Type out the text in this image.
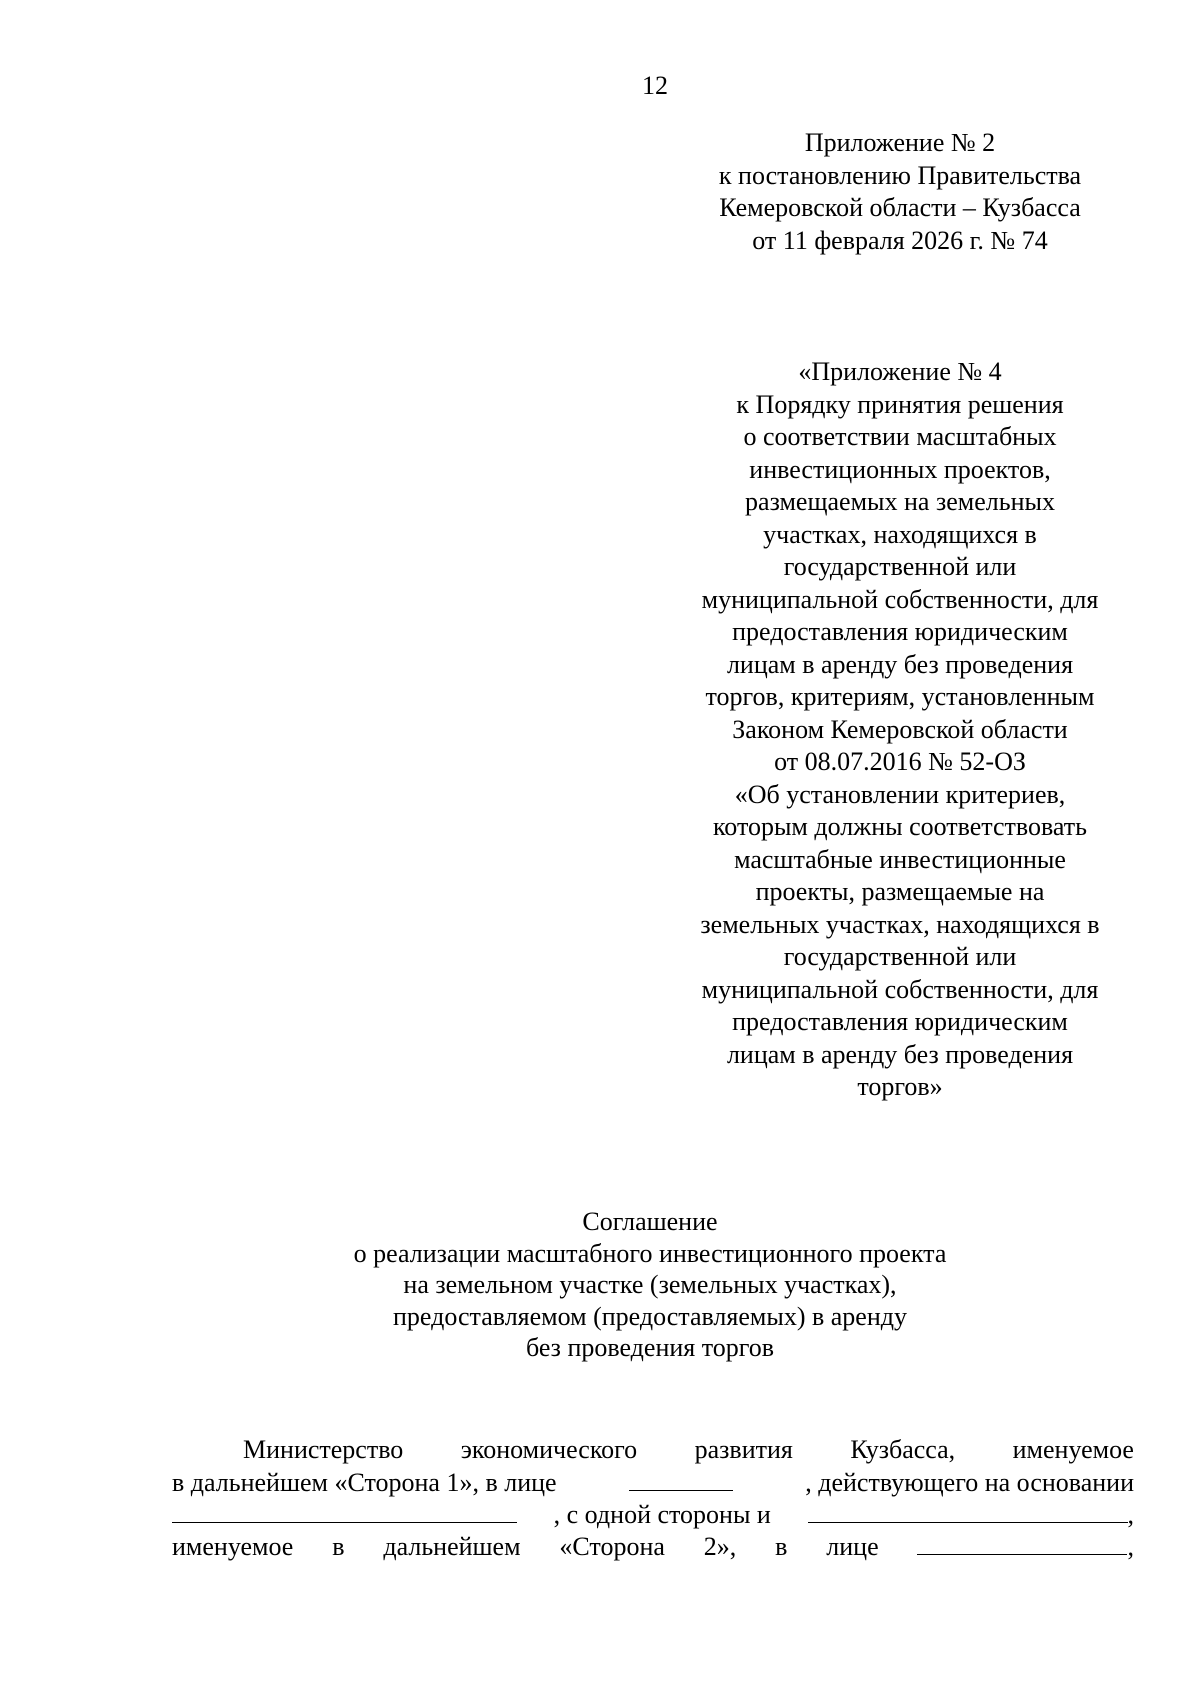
12
Приложение № 2
к постановлению Правительства
Кемеровской области – Кузбасса
от 11 февраля 2026 г. № 74
«Приложение № 4
к Порядку принятия решения
о соответствии масштабных
инвестиционных проектов,
размещаемых на земельных
участках, находящихся в
государственной или
муниципальной собственности, для
предоставления юридическим
лицам в аренду без проведения
торгов, критериям, установленным
Законом Кемеровской области
от 08.07.2016 № 52-ОЗ
«Об установлении критериев,
которым должны соответствовать
масштабные инвестиционные
проекты, размещаемые на
земельных участках, находящихся в
государственной или
муниципальной собственности, для
предоставления юридическим
лицам в аренду без проведения
торгов»
Соглашение
о реализации масштабного инвестиционного проекта
на земельном участке (земельных участках),
предоставляемом (предоставляемых) в аренду
без проведения торгов
Министерство экономического развития Кузбасса, именуемое
в дальнейшем «Сторона 1», в лице	, действующего на основании
, с одной стороны и	,
именуемое в дальнейшем «Сторона 2», в лице	,
